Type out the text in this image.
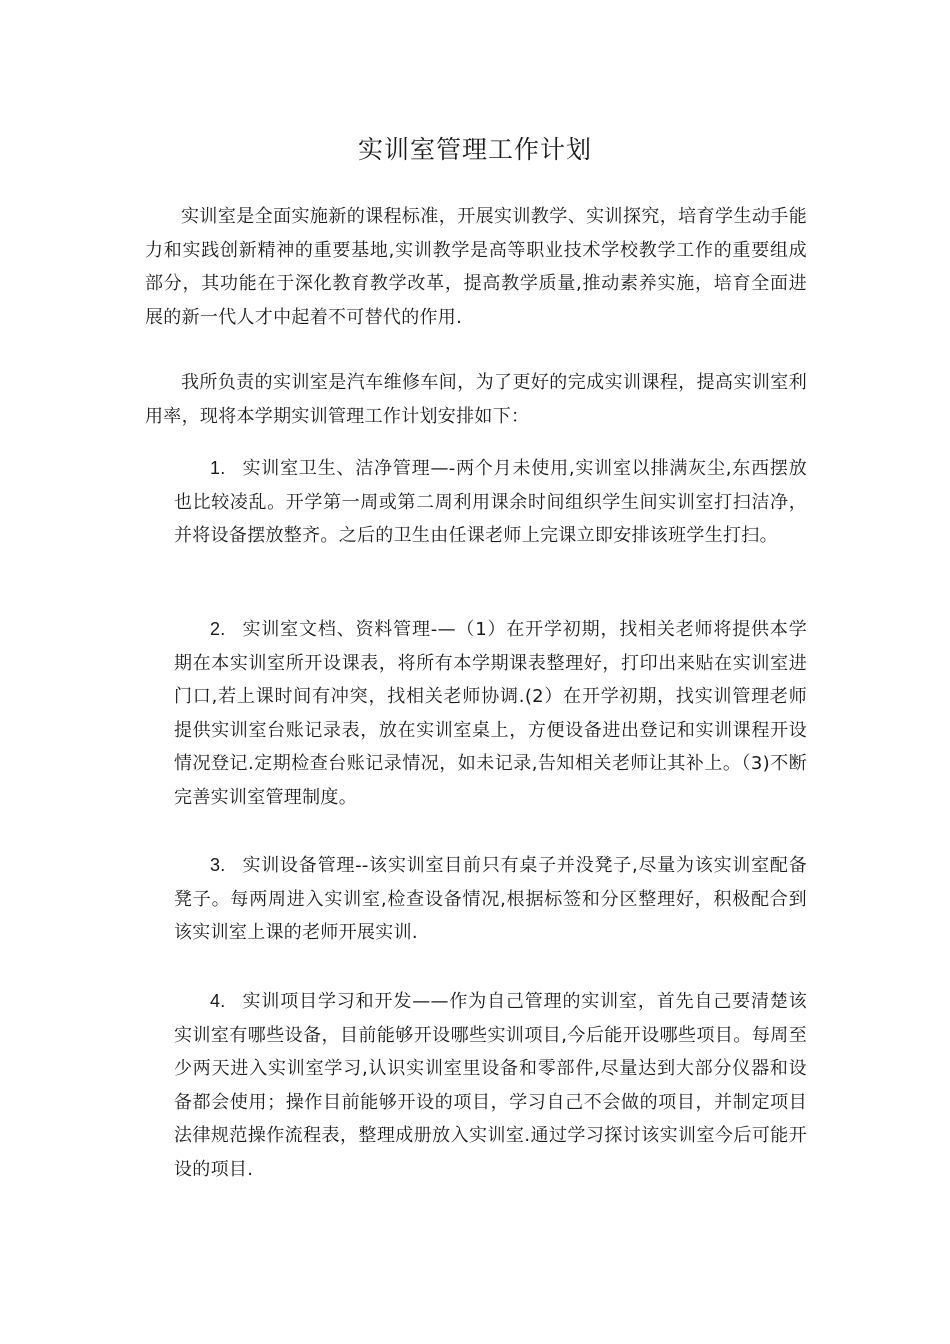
实训室管理工作计划

实训室是全面实施新的课程标准，开展实训教学、实训探究，培育学生动手能力和实践创新精神的重要基地,实训教学是高等职业技术学校教学工作的重要组成部分，其功能在于深化教育教学改革，提高教学质量,推动素养实施，培育全面进展的新一代人才中起着不可替代的作用.

我所负责的实训室是汽车维修车间，为了更好的完成实训课程，提高实训室利用率，现将本学期实训管理工作计划安排如下：

1. 实训室卫生、洁净管理—-两个月未使用,实训室以排满灰尘,东西摆放也比较凌乱。开学第一周或第二周利用课余时间组织学生间实训室打扫洁净，并将设备摆放整齐。之后的卫生由任课老师上完课立即安排该班学生打扫。

2. 实训室文档、资料管理-—（1）在开学初期，找相关老师将提供本学期在本实训室所开设课表，将所有本学期课表整理好，打印出来贴在实训室进门口,若上课时间有冲突，找相关老师协调.(2）在开学初期，找实训管理老师提供实训室台账记录表，放在实训室桌上，方便设备进出登记和实训课程开设情况登记.定期检查台账记录情况，如未记录,告知相关老师让其补上。（3)不断完善实训室管理制度。

3. 实训设备管理--该实训室目前只有桌子并没凳子,尽量为该实训室配备凳子。每两周进入实训室,检查设备情况,根据标签和分区整理好，积极配合到该实训室上课的老师开展实训.

4. 实训项目学习和开发——作为自己管理的实训室，首先自己要清楚该实训室有哪些设备，目前能够开设哪些实训项目,今后能开设哪些项目。每周至少两天进入实训室学习,认识实训室里设备和零部件,尽量达到大部分仪器和设备都会使用；操作目前能够开设的项目，学习自己不会做的项目，并制定项目法律规范操作流程表，整理成册放入实训室.通过学习探讨该实训室今后可能开设的项目.
